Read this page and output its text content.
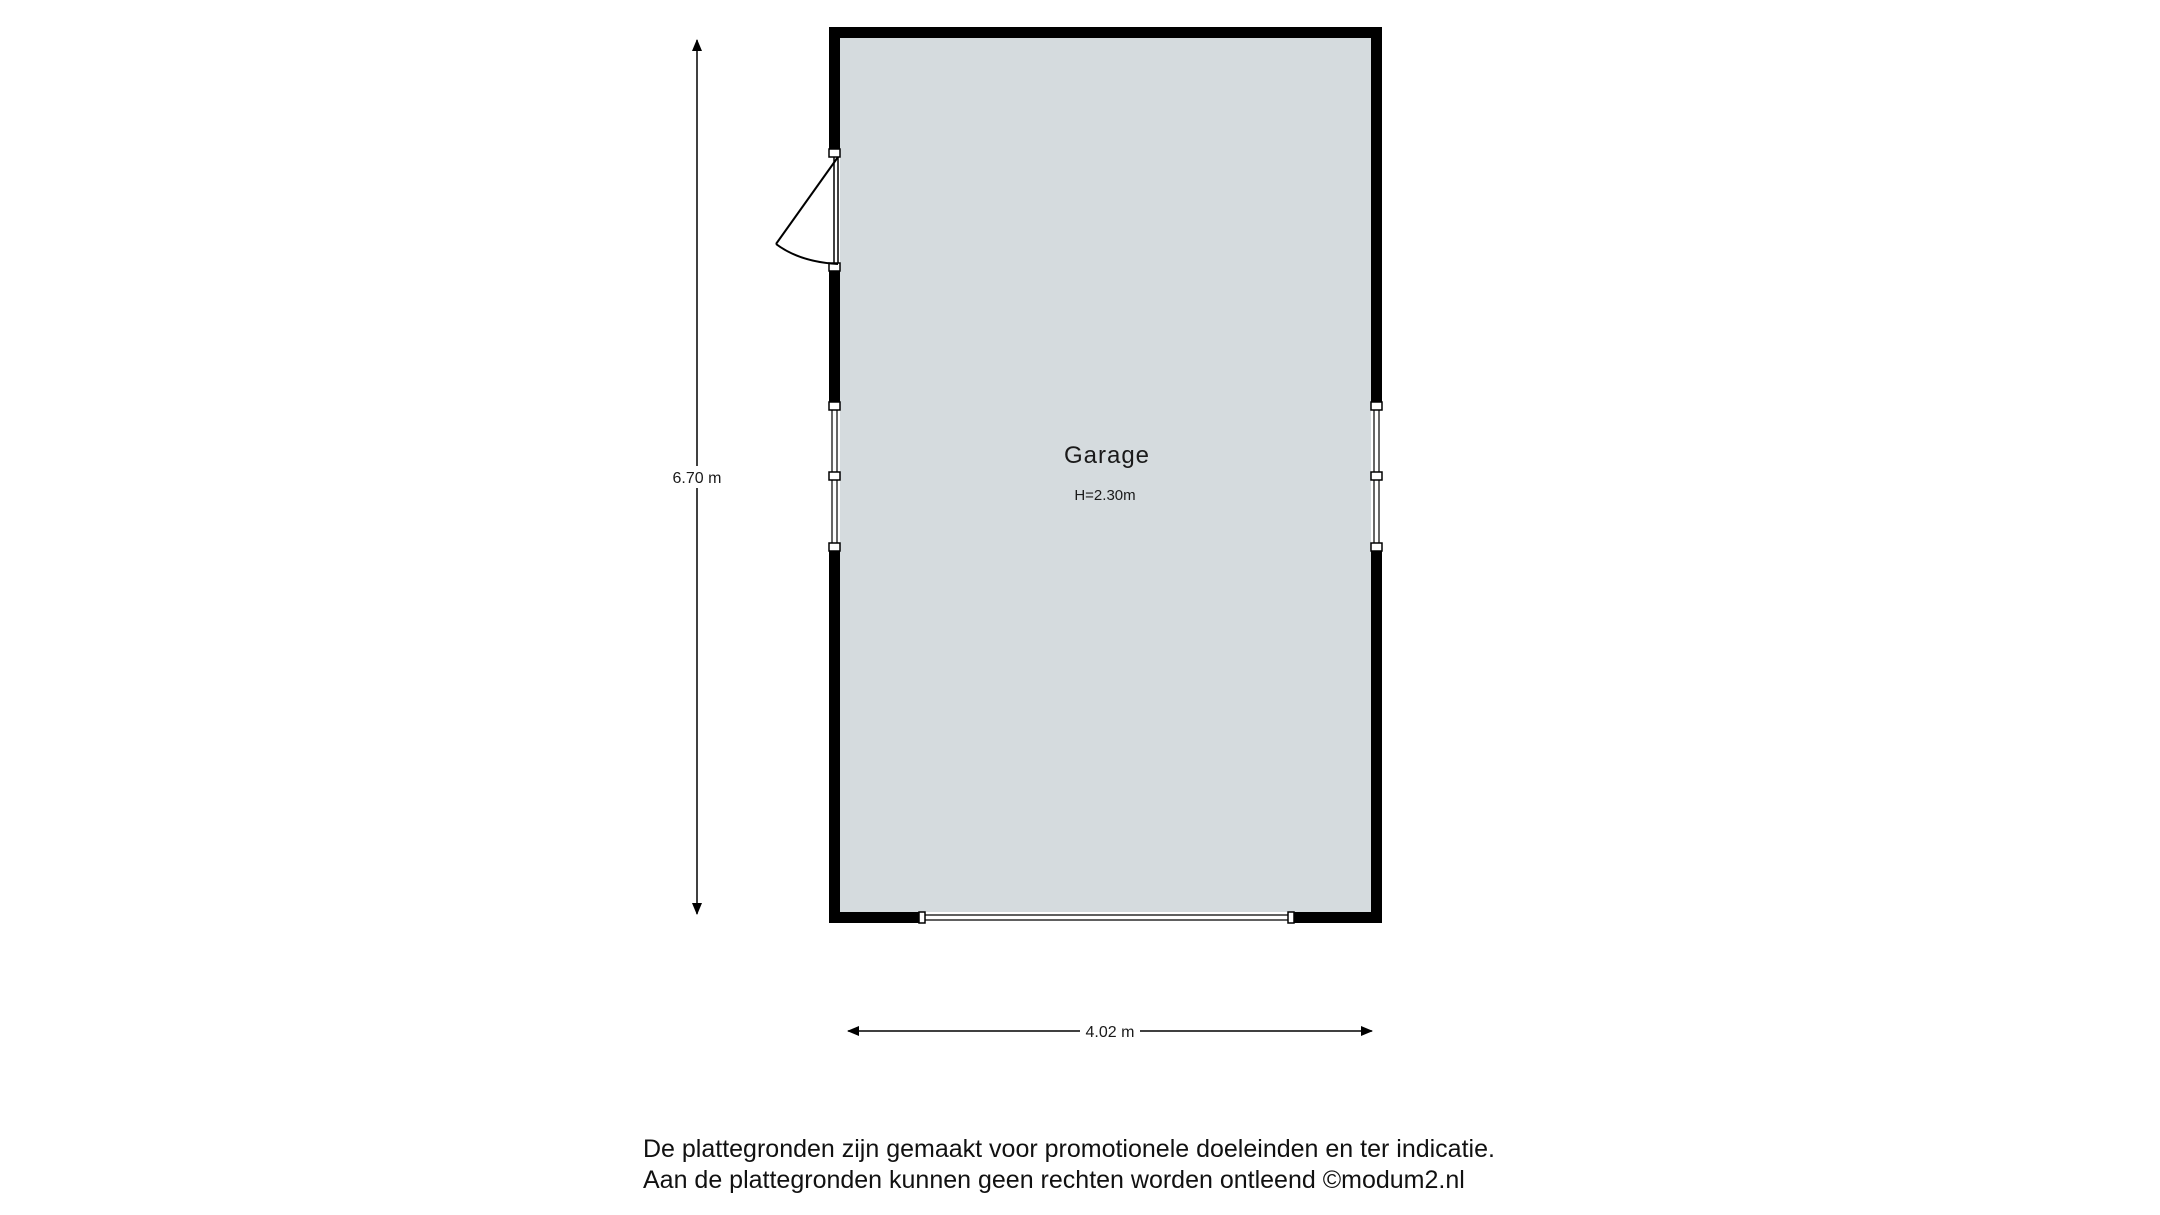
Garage
H=2.30m
6.70 m
4.02 m
De plattegronden zijn gemaakt voor promotionele doeleinden en ter indicatie.
Aan de plattegronden kunnen geen rechten worden ontleend ©modum2.nl
